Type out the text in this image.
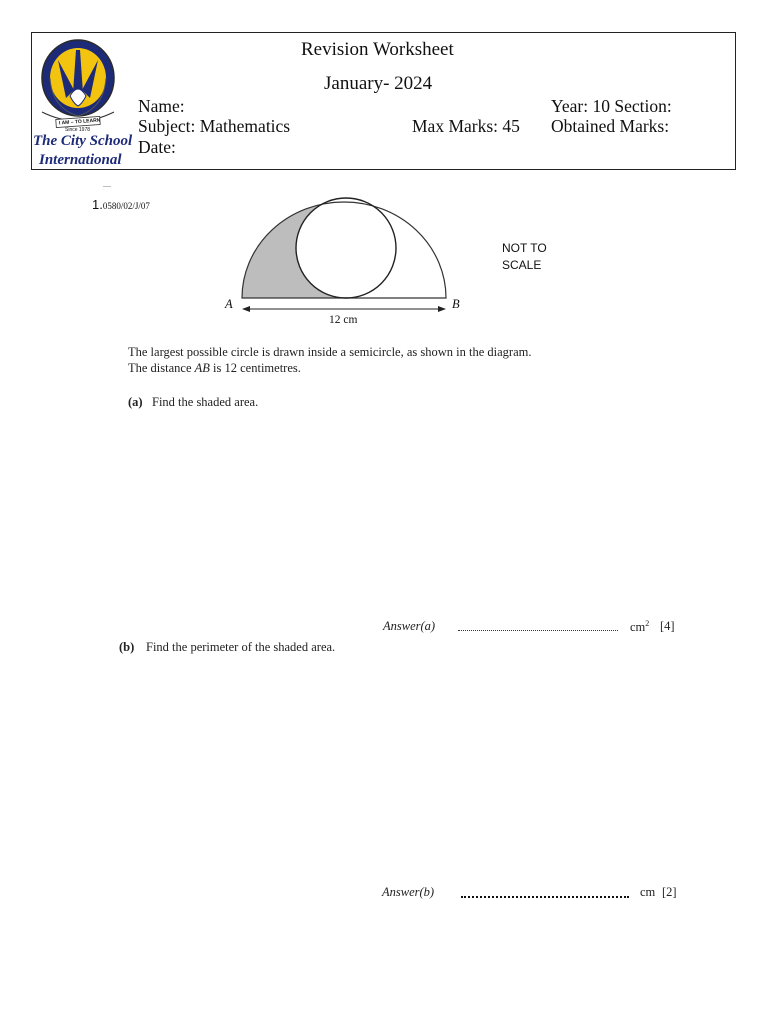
I AM – TO LEARN
Since 1978
The City School
International
Revision Worksheet
January- 2024
Name:
Subject: Mathematics
Date:
Max Marks: 45
Year: 10 Section:
Obtained Marks:
—
1.0580/02/J/07
A	B
12 cm
NOT TO
SCALE
The largest possible circle is drawn inside a semicircle, as shown in the diagram.
The distance AB is 12 centimetres.
(a) Find the shaded area.
Answer(a)	$cm^2$ [4]
(b) Find the perimeter of the shaded area.
Answer(b)	cm [2]
